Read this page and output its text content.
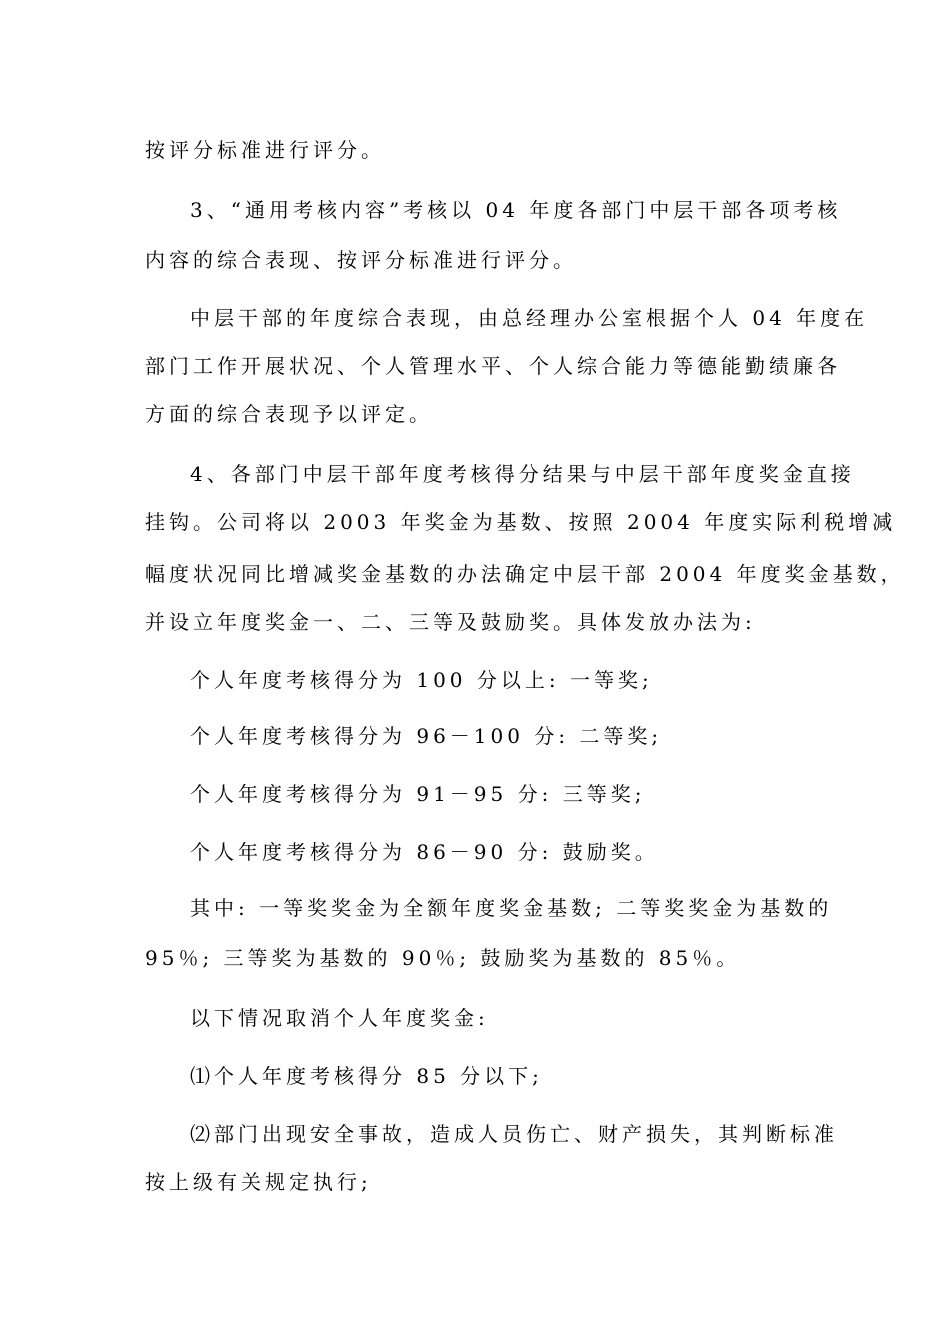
按评分标准进行评分。
3、“通用考核内容”考核以 04 年度各部门中层干部各项考核
内容的综合表现、按评分标准进行评分。
中层干部的年度综合表现，由总经理办公室根据个人 04 年度在
部门工作开展状况、个人管理水平、个人综合能力等德能勤绩廉各
方面的综合表现予以评定。
4、各部门中层干部年度考核得分结果与中层干部年度奖金直接
挂钩。公司将以 2003 年奖金为基数、按照 2004 年度实际利税增减
幅度状况同比增减奖金基数的办法确定中层干部 2004 年度奖金基数，
并设立年度奖金一、二、三等及鼓励奖。具体发放办法为:
个人年度考核得分为 100 分以上: 一等奖;
个人年度考核得分为 96－100 分: 二等奖;
个人年度考核得分为 91－95 分: 三等奖;
个人年度考核得分为 86－90 分: 鼓励奖。
其中: 一等奖奖金为全额年度奖金基数; 二等奖奖金为基数的
95％; 三等奖为基数的 90％; 鼓励奖为基数的 85％。
以下情况取消个人年度奖金:
⑴个人年度考核得分 85 分以下;
⑵部门出现安全事故，造成人员伤亡、财产损失，其判断标准
按上级有关规定执行;
